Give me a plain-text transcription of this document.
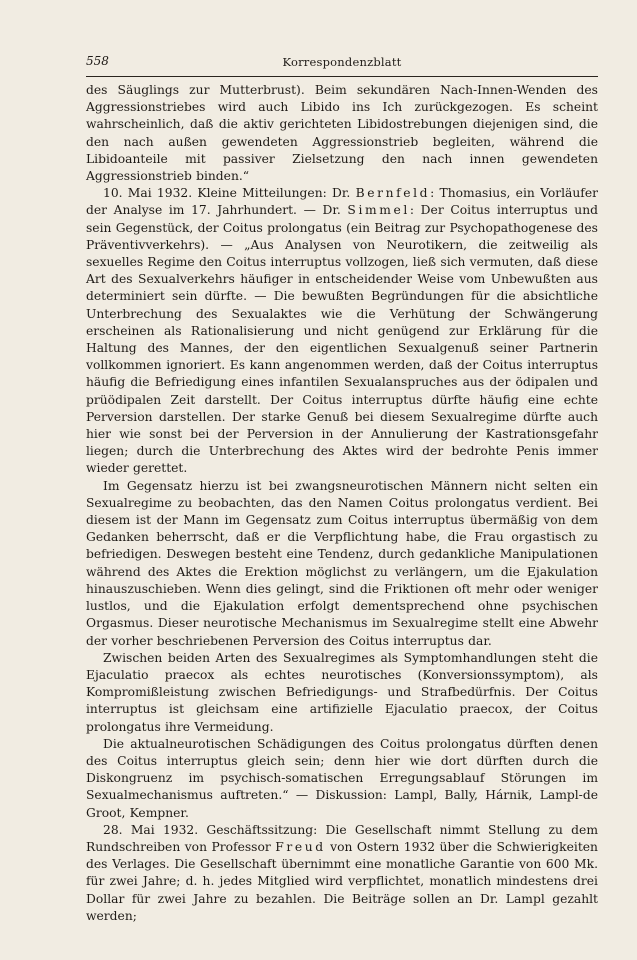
558	Korrespondenzblatt

des Säuglings zur Mutterbrust). Beim sekundären Nach-Innen-Wenden des Aggressionstriebes wird auch Libido ins Ich zurückgezogen. Es scheint wahrscheinlich, daß die aktiv gerichteten Libidostrebungen diejenigen sind, die den nach außen gewendeten Aggressionstrieb begleiten, während die Libidoanteile mit passiver Zielsetzung den nach innen gewendeten Aggressionstrieb binden.“

10. Mai 1932. Kleine Mitteilungen: Dr. Bernfeld: Thomasius, ein Vorläufer der Analyse im 17. Jahrhundert. — Dr. Simmel: Der Coitus interruptus und sein Gegenstück, der Coitus prolongatus (ein Beitrag zur Psychopathogenese des Präventivverkehrs). — „Aus Analysen von Neurotikern, die zeitweilig als sexuelles Regime den Coitus interruptus vollzogen, ließ sich vermuten, daß diese Art des Sexualverkehrs häufiger in entscheidender Weise vom Unbewußten aus determiniert sein dürfte. — Die bewußten Begründungen für die absichtliche Unterbrechung des Sexualaktes wie die Verhütung der Schwängerung erscheinen als Rationalisierung und nicht genügend zur Erklärung für die Haltung des Mannes, der den eigentlichen Sexualgenuß seiner Partnerin vollkommen ignoriert. Es kann angenommen werden, daß der Coitus interruptus häufig die Befriedigung eines infantilen Sexualanspruches aus der ödipalen und prüödipalen Zeit darstellt. Der Coitus interruptus dürfte häufig eine echte Perversion darstellen. Der starke Genuß bei diesem Sexualregime dürfte auch hier wie sonst bei der Perversion in der Annulierung der Kastrationsgefahr liegen; durch die Unterbrechung des Aktes wird der bedrohte Penis immer wieder gerettet.

Im Gegensatz hierzu ist bei zwangsneurotischen Männern nicht selten ein Sexualregime zu beobachten, das den Namen Coitus prolongatus verdient. Bei diesem ist der Mann im Gegensatz zum Coitus interruptus übermäßig von dem Gedanken beherrscht, daß er die Verpflichtung habe, die Frau orgastisch zu befriedigen. Deswegen besteht eine Tendenz, durch gedankliche Manipulationen während des Aktes die Erektion möglichst zu verlängern, um die Ejakulation hinauszuschieben. Wenn dies gelingt, sind die Friktionen oft mehr oder weniger lustlos, und die Ejakulation erfolgt dementsprechend ohne psychischen Orgasmus. Dieser neurotische Mechanismus im Sexualregime stellt eine Abwehr der vorher beschriebenen Perversion des Coitus interruptus dar.

Zwischen beiden Arten des Sexualregimes als Symptomhandlungen steht die Ejaculatio praecox als echtes neurotisches (Konversionssymptom), als Kompromißleistung zwischen Befriedigungs- und Strafbedürfnis. Der Coitus interruptus ist gleichsam eine artifizielle Ejaculatio praecox, der Coitus prolongatus ihre Vermeidung.

Die aktualneurotischen Schädigungen des Coitus prolongatus dürften denen des Coitus interruptus gleich sein; denn hier wie dort dürften durch die Diskongruenz im psychisch-somatischen Erregungsablauf Störungen im Sexualmechanismus auftreten.“ — Diskussion: Lampl, Bally, Hárnik, Lampl-de Groot, Kempner.

28. Mai 1932. Geschäftssitzung: Die Gesellschaft nimmt Stellung zu dem Rundschreiben von Professor Freud von Ostern 1932 über die Schwierigkeiten des Verlages. Die Gesellschaft übernimmt eine monatliche Garantie von 600 Mk. für zwei Jahre; d. h. jedes Mitglied wird verpflichtet, monatlich mindestens drei Dollar für zwei Jahre zu bezahlen. Die Beiträge sollen an Dr. Lampl gezahlt werden;
